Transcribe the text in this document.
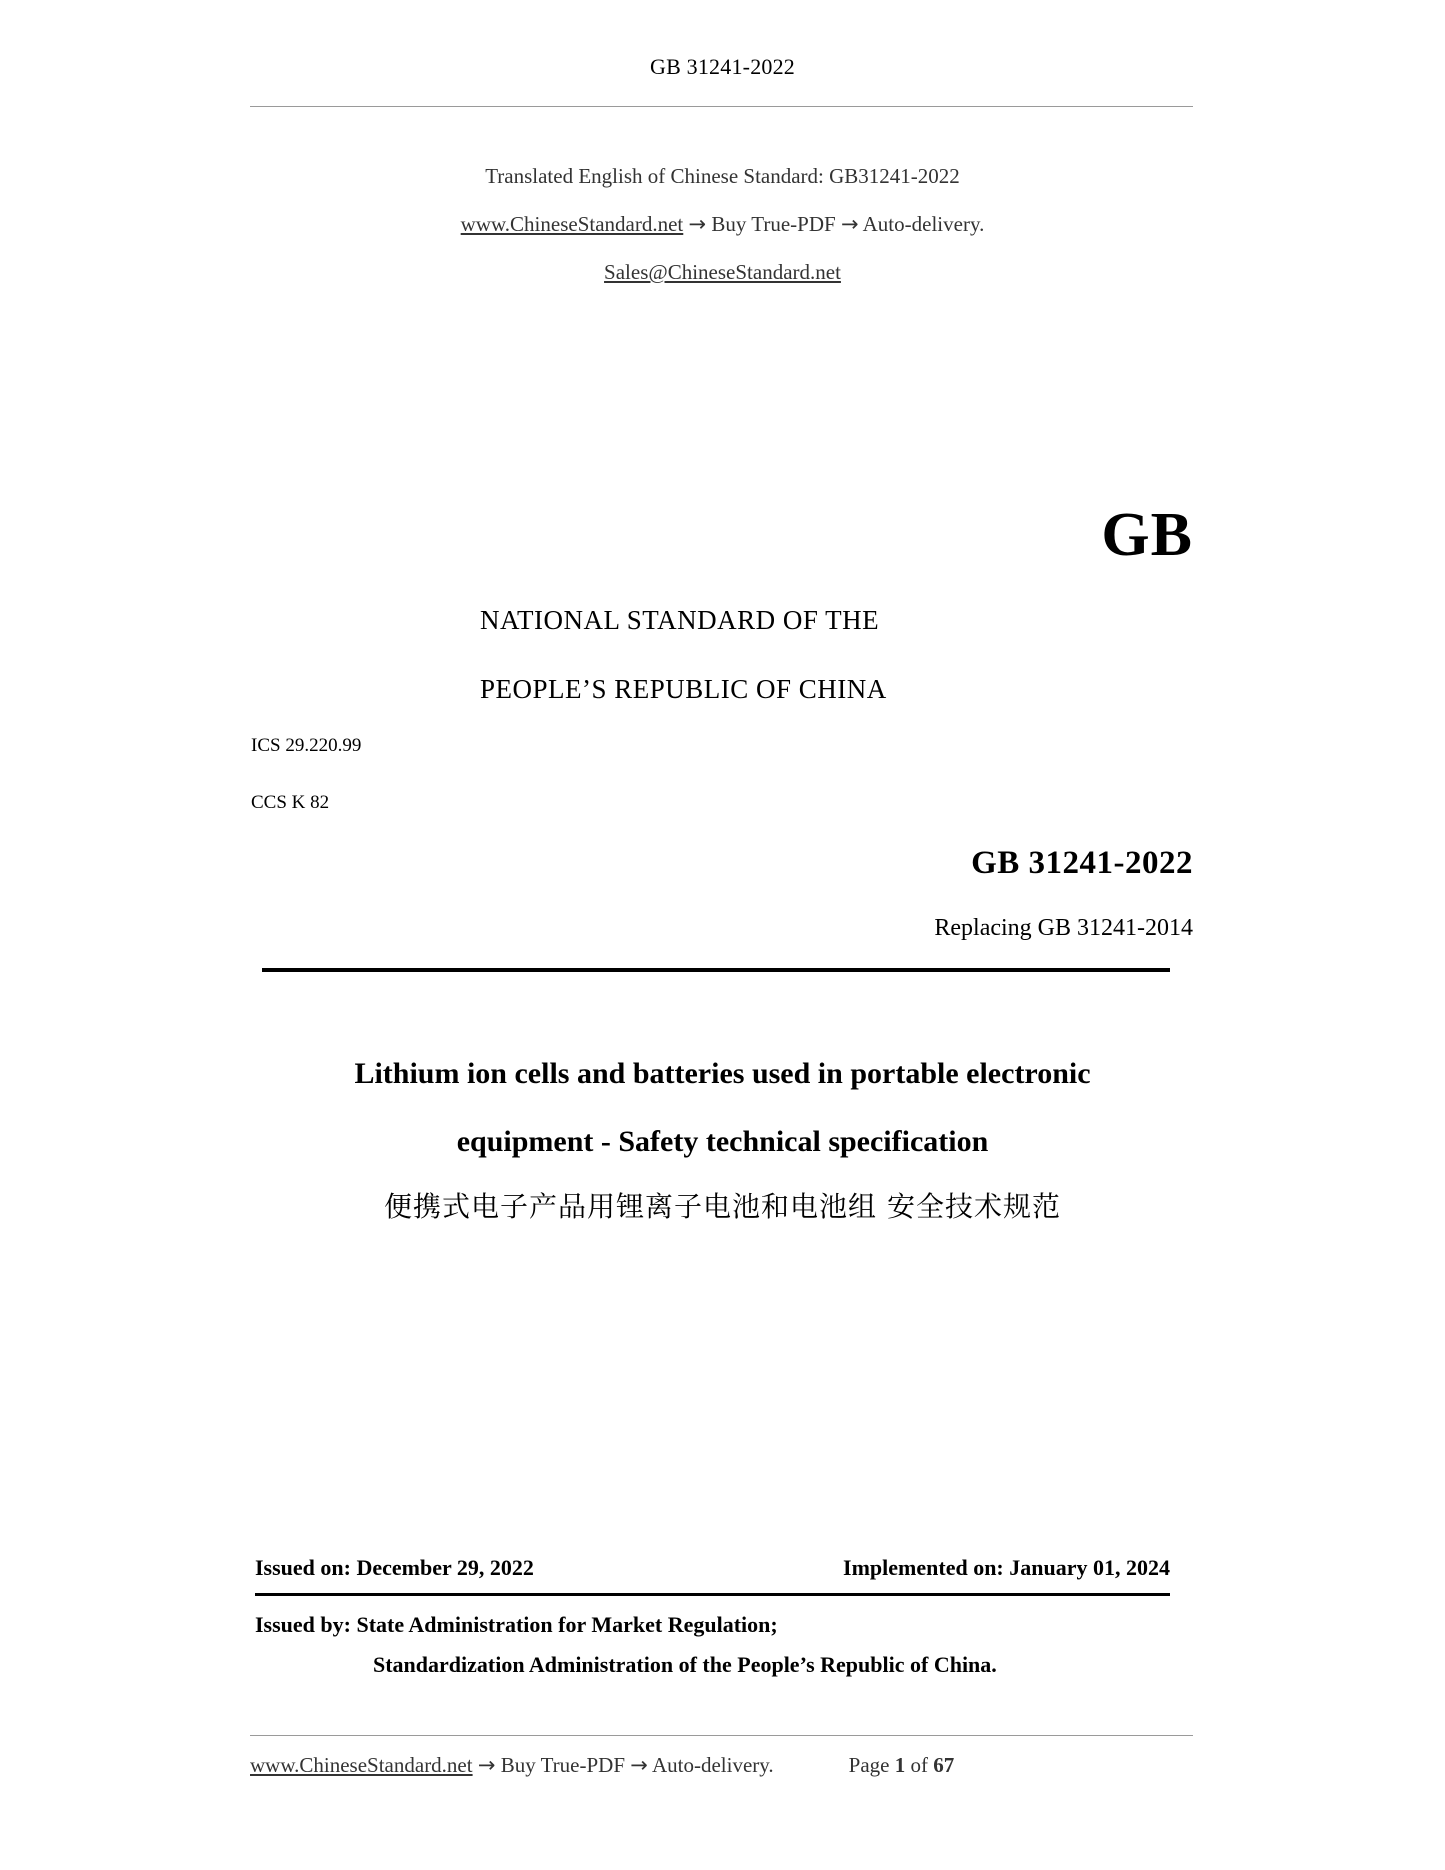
GB 31241-2022
Translated English of Chinese Standard: GB31241-2022
www.ChineseStandard.net → Buy True-PDF → Auto-delivery.
Sales@ChineseStandard.net
GB
NATIONAL STANDARD OF THE
PEOPLE’S REPUBLIC OF CHINA
ICS 29.220.99
CCS K 82
GB 31241-2022
Replacing GB 31241-2014
Lithium ion cells and batteries used in portable electronic
equipment - Safety technical specification
便携式电子产品用锂离子电池和电池组 安全技术规范
Issued on: December 29, 2022	Implemented on: January 01, 2024
Issued by: State Administration for Market Regulation;
Standardization Administration of the People’s Republic of China.
www.ChineseStandard.net → Buy True-PDF → Auto-delivery.	Page 1 of 67
